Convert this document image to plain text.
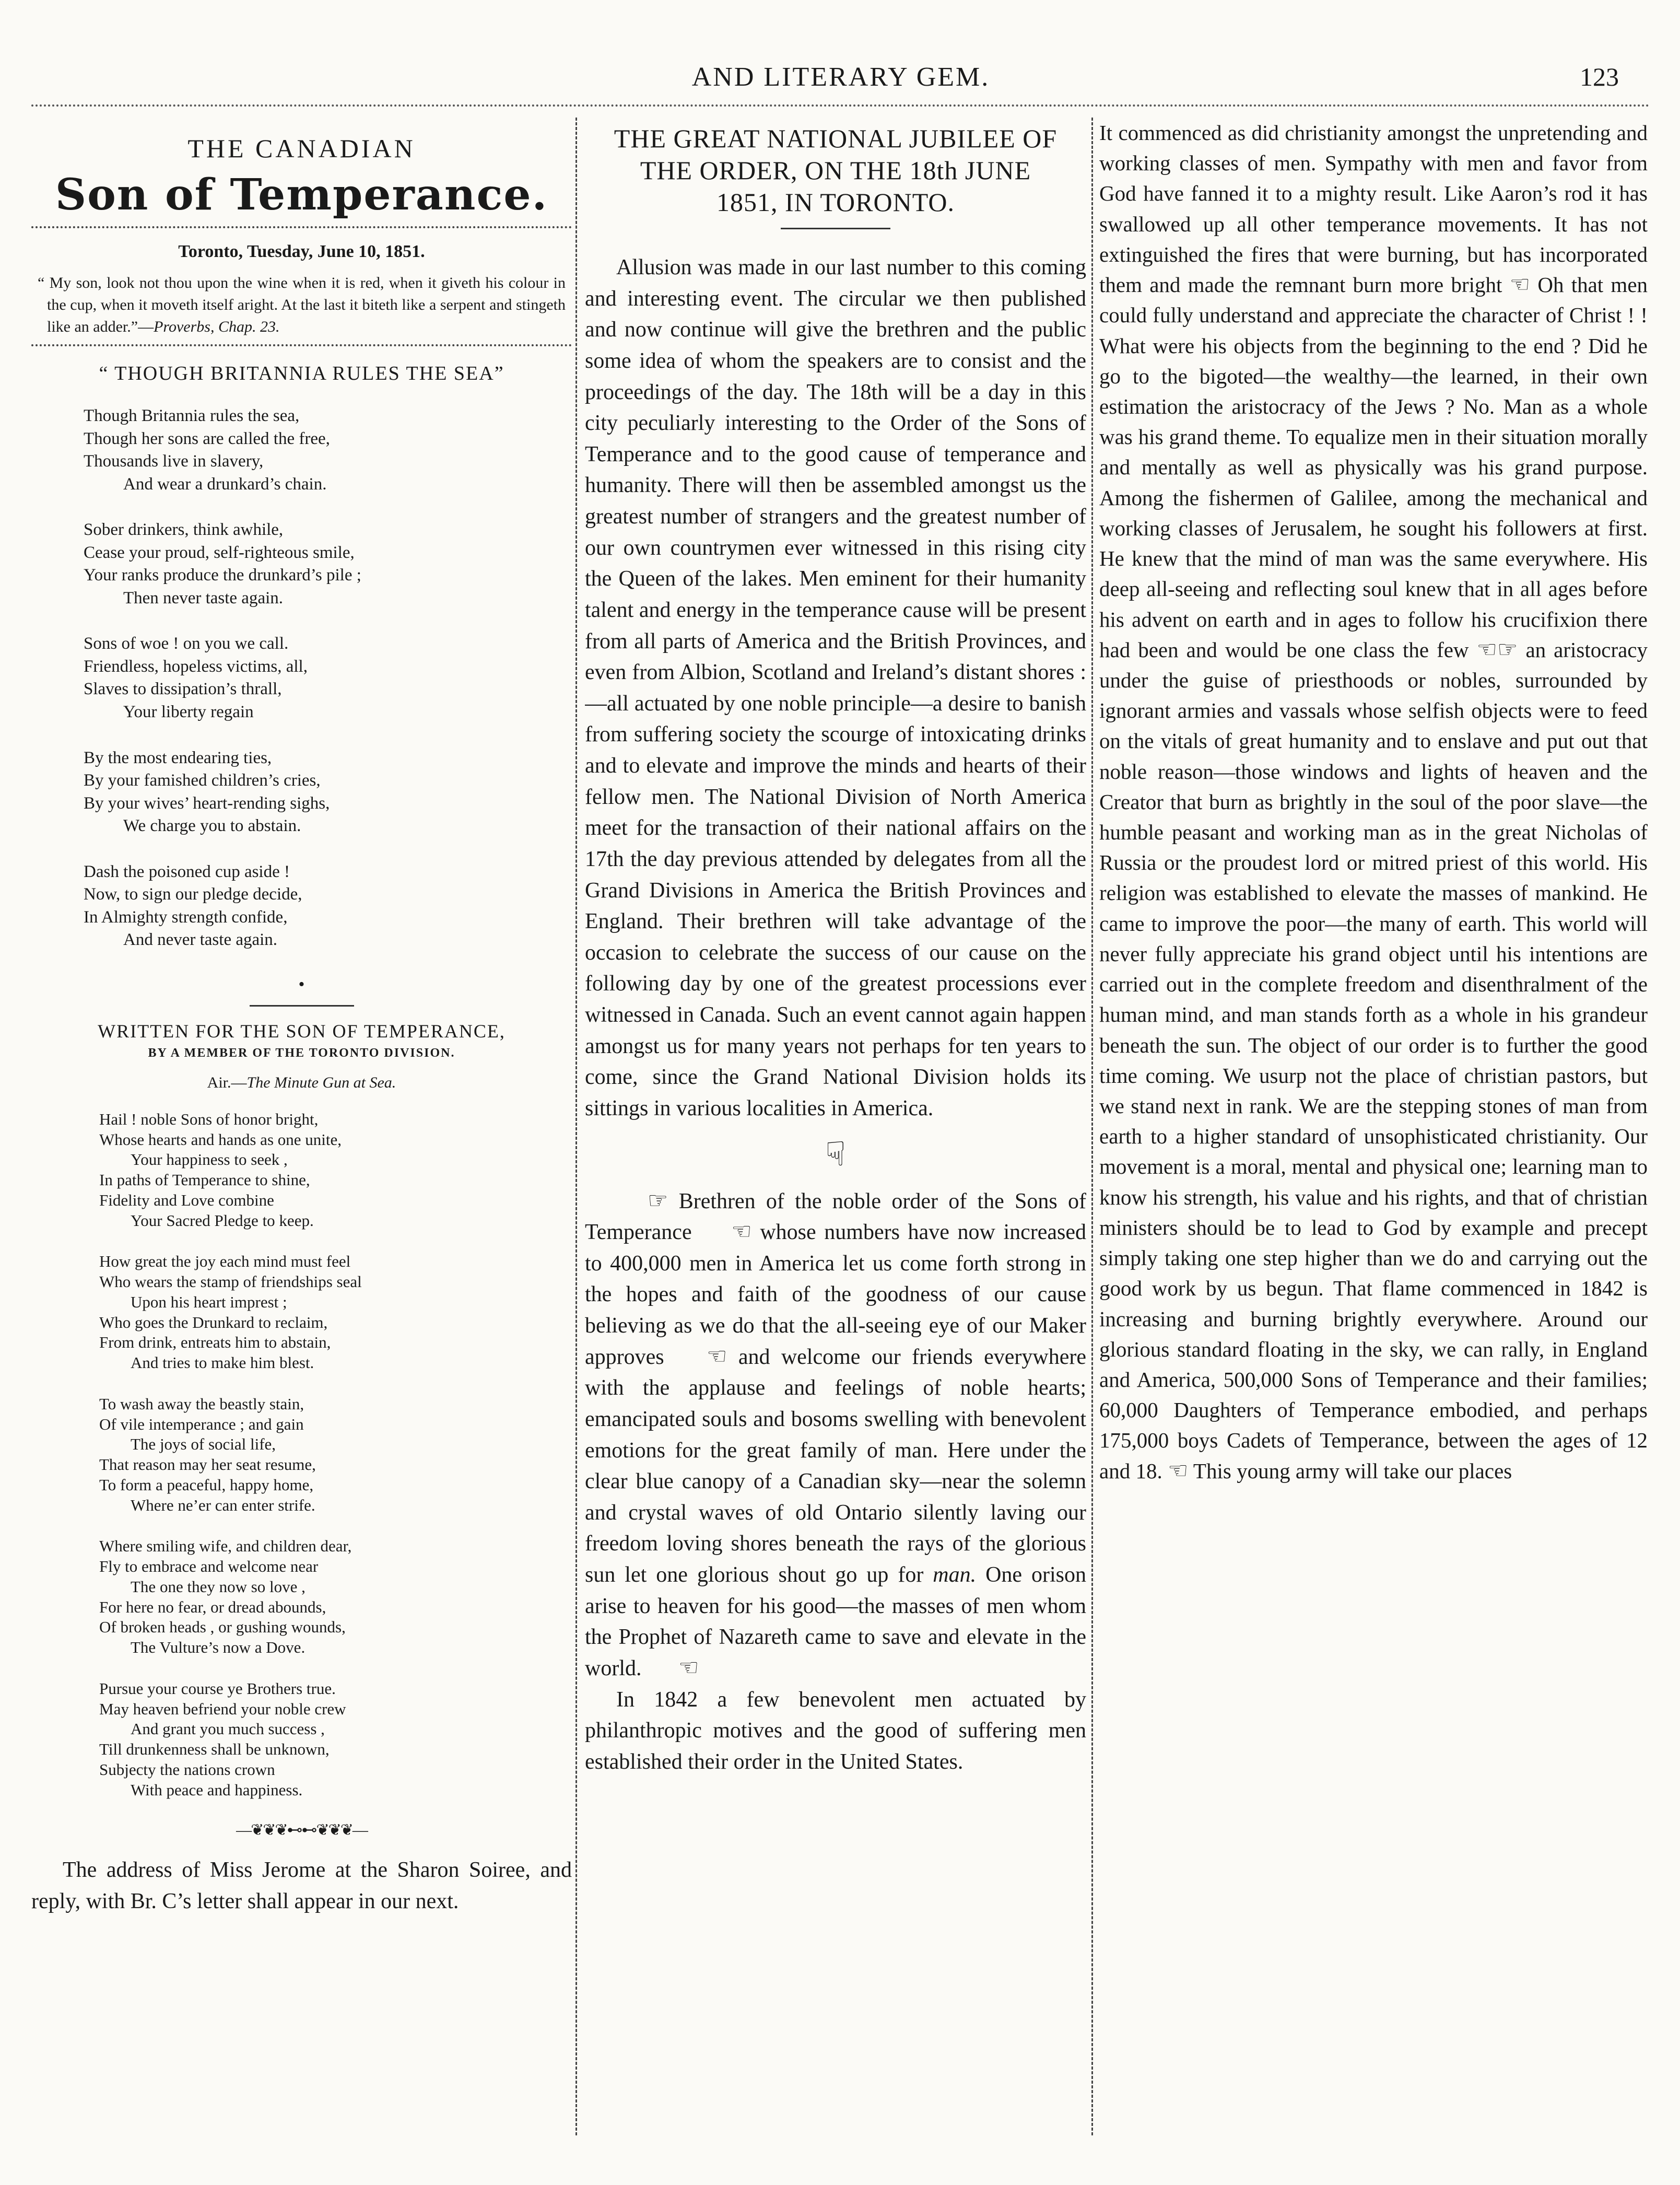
AND LITERARY GEM.	123
THE CANADIAN
Son of Temperance.
Toronto, Tuesday, June 10, 1851.
“ My son, look not thou upon the wine when it is red, when it giveth his colour in the cup, when it moveth itself aright. At the last it biteth like a serpent and stingeth like an adder.”—Proverbs, Chap. 23.
“ THOUGH BRITANNIA RULES THE SEA”
Though Britannia rules the sea,
Though her sons are called the free,
Thousands live in slavery,
And wear a drunkard’s chain.
Sober drinkers, think awhile,
Cease your proud, self-righteous smile,
Your ranks produce the drunkard’s pile ;
Then never taste again.
Sons of woe ! on you we call.
Friendless, hopeless victims, all,
Slaves to dissipation’s thrall,
Your liberty regain
By the most endearing ties,
By your famished children’s cries,
By your wives’ heart-rending sighs,
We charge you to abstain.
Dash the poisoned cup aside !
Now, to sign our pledge decide,
In Almighty strength confide,
And never taste again.
•
WRITTEN FOR THE SON OF TEMPERANCE,
BY A MEMBER OF THE TORONTO DIVISION.
Air.—The Minute Gun at Sea.
Hail ! noble Sons of honor bright,
Whose hearts and hands as one unite,
Your happiness to seek ,
In paths of Temperance to shine,
Fidelity and Love combine
Your Sacred Pledge to keep.
How great the joy each mind must feel
Who wears the stamp of friendships seal
Upon his heart imprest ;
Who goes the Drunkard to reclaim,
From drink, entreats him to abstain,
And tries to make him blest.
To wash away the beastly stain,
Of vile intemperance ; and gain
The joys of social life,
That reason may her seat resume,
To form a peaceful, happy home,
Where ne’er can enter strife.
Where smiling wife, and children dear,
Fly to embrace and welcome near
The one they now so love ,
For here no fear, or dread abounds,
Of broken heads , or gushing wounds,
The Vulture’s now a Dove.
Pursue your course ye Brothers true.
May heaven befriend your noble crew
And grant you much success ,
Till drunkenness shall be unknown,
Subjecty the nations crown
With peace and happiness.
—❦❦❦⊷⊷❦❦❦—
The address of Miss Jerome at the Sharon Soiree, and reply, with Br. C’s letter shall appear in our next.
THE GREAT NATIONAL JUBILEE OF
THE ORDER, ON THE 18th JUNE
1851, IN TORONTO.

Allusion was made in our last number to this coming and interesting event. The circular we then published and now continue will give the brethren and the public some idea of whom the speakers are to consist and the proceedings of the day. The 18th will be a day in this city peculiarly interesting to the Order of the Sons of Temperance and to the good cause of temperance and humanity. There will then be assembled amongst us the greatest number of strangers and the greatest number of our own countrymen ever witnessed in this rising city the Queen of the lakes. Men eminent for their humanity talent and energy in the temperance cause will be present from all parts of America and the British Provinces, and even from Albion, Scotland and Ireland’s distant shores :—all actuated by one noble principle—a desire to banish from suffering society the scourge of intoxicating drinks and to elevate and improve the minds and hearts of their fellow men. The National Division of North America meet for the transaction of their national affairs on the 17th the day previous attended by delegates from all the Grand Divisions in America the British Provinces and England. Their brethren will take advantage of the occasion to celebrate the success of our cause on the following day by one of the greatest processions ever witnessed in Canada. Such an event cannot again happen amongst us for many years not perhaps for ten years to come, since the Grand National Division holds its sittings in various localities in America.

☟

☞ Brethren of the noble order of the Sons of Temperance ☜ whose numbers have now increased to 400,000 men in America let us come forth strong in the hopes and faith of the goodness of our cause believing as we do that the all-seeing eye of our Maker approves ☜ and welcome our friends everywhere with the applause and feelings of noble hearts; emancipated souls and bosoms swelling with benevolent emotions for the great family of man. Here under the clear blue canopy of a Canadian sky—near the solemn and crystal waves of old Ontario silently laving our freedom loving shores beneath the rays of the glorious sun let one glorious shout go up for man. One orison arise to heaven for his good—the masses of men whom the Prophet of Nazareth came to save and elevate in the world. ☜

In 1842 a few benevolent men actuated by philanthropic motives and the good of suffering men established their order in the United States.

It commenced as did christianity amongst the unpretending and working classes of men. Sympathy with men and favor from God have fanned it to a mighty result. Like Aaron’s rod it has swallowed up all other temperance movements. It has not extinguished the fires that were burning, but has incorporated them and made the remnant burn more bright ☜ Oh that men could fully understand and appreciate the character of Christ ! ! What were his objects from the beginning to the end ? Did he go to the bigoted—the wealthy—the learned, in their own estimation the aristocracy of the Jews ? No. Man as a whole was his grand theme. To equalize men in their situation morally and mentally as well as physically was his grand purpose. Among the fishermen of Galilee, among the mechanical and working classes of Jerusalem, he sought his followers at first. He knew that the mind of man was the same everywhere. His deep all-seeing and reflecting soul knew that in all ages before his advent on earth and in ages to follow his crucifixion there had been and would be one class the few ☜☞ an aristocracy under the guise of priesthoods or nobles, surrounded by ignorant armies and vassals whose selfish objects were to feed on the vitals of great humanity and to enslave and put out that noble reason—those windows and lights of heaven and the Creator that burn as brightly in the soul of the poor slave—the humble peasant and working man as in the great Nicholas of Russia or the proudest lord or mitred priest of this world. His religion was established to elevate the masses of mankind. He came to improve the poor—the many of earth. This world will never fully appreciate his grand object until his intentions are carried out in the complete freedom and disenthralment of the human mind, and man stands forth as a whole in his grandeur beneath the sun. The object of our order is to further the good time coming. We usurp not the place of christian pastors, but we stand next in rank. We are the stepping stones of man from earth to a higher standard of unsophisticated christianity. Our movement is a moral, mental and physical one; learning man to know his strength, his value and his rights, and that of christian ministers should be to lead to God by example and precept simply taking one step higher than we do and carrying out the good work by us begun. That flame commenced in 1842 is increasing and burning brightly everywhere. Around our glorious standard floating in the sky, we can rally, in England and America, 500,000 Sons of Temperance and their families; 60,000 Daughters of Temperance embodied, and perhaps 175,000 boys Cadets of Temperance, between the ages of 12 and 18. ☜ This young army will take our places
